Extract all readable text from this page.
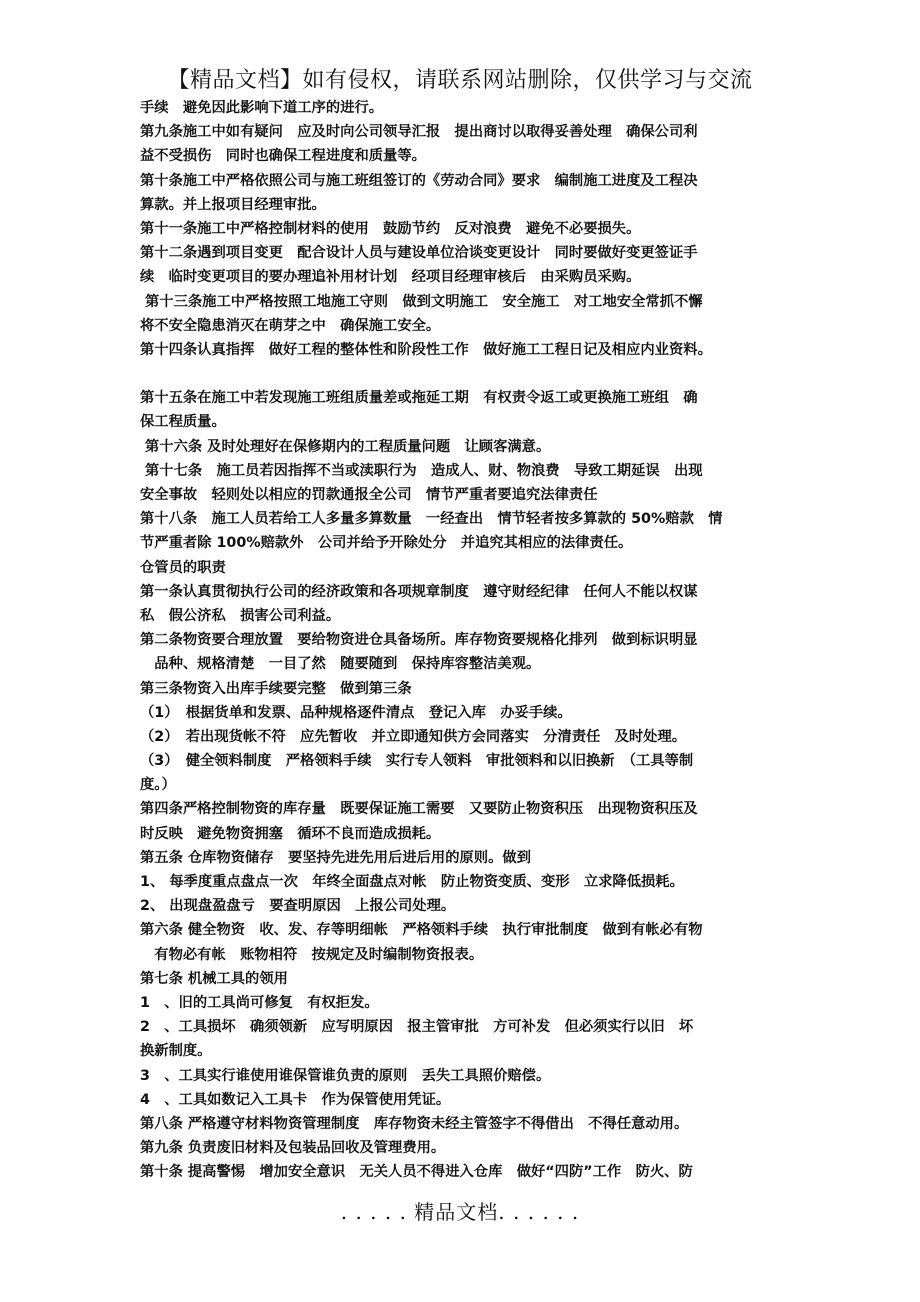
【精品文档】如有侵权，请联系网站删除，仅供学习与交流
手续　避免因此影响下道工序的进行。
第九条施工中如有疑问　应及时向公司领导汇报　提出商讨以取得妥善处理　确保公司利
益不受损伤　同时也确保工程进度和质量等。
第十条施工中严格依照公司与施工班组签订的《劳动合同》要求　编制施工进度及工程决
算款。并上报项目经理审批。
第十一条施工中严格控制材料的使用　鼓励节约　反对浪费　避免不必要损失。
第十二条遇到项目变更　配合设计人员与建设单位洽谈变更设计　同时要做好变更签证手
续　临时变更项目的要办理追补用材计划　经项目经理审核后　由采购员采购。
第十三条施工中严格按照工地施工守则　做到文明施工　安全施工　对工地安全常抓不懈
将不安全隐患消灭在萌芽之中　确保施工安全。
第十四条认真指挥　做好工程的整体性和阶段性工作　做好施工工程日记及相应内业资料。
第十五条在施工中若发现施工班组质量差或拖延工期　有权责令返工或更换施工班组　确
保工程质量。
第十六条 及时处理好在保修期内的工程质量问题　让顾客满意。
第十七条　施工员若因指挥不当或渎职行为　造成人、财、物浪费　导致工期延误　出现
安全事故　轻则处以相应的罚款通报全公司　情节严重者要追究法律责任
第十八条　施工人员若给工人多量多算数量　一经查出　情节轻者按多算款的 50%赔款　情
节严重者除 100%赔款外　公司并给予开除处分　并追究其相应的法律责任。
仓管员的职责
第一条认真贯彻执行公司的经济政策和各项规章制度　遵守财经纪律　任何人不能以权谋
私　假公济私　损害公司利益。
第二条物资要合理放置　要给物资进仓具备场所。库存物资要规格化排列　做到标识明显
　品种、规格清楚　一目了然　随要随到　保持库容整洁美观。
第三条物资入出库手续要完整　做到第三条
（1）　根据货单和发票、品种规格逐件清点　登记入库　办妥手续。
（2）　若出现货帐不符　应先暂收　并立即通知供方会同落实　分清责任　及时处理。
（3）　健全领料制度　严格领料手续　实行专人领料　审批领料和以旧换新　（工具等制
度。）
第四条严格控制物资的库存量　既要保证施工需要　又要防止物资积压　出现物资积压及
时反映　避免物资拥塞　循环不良而造成损耗。
第五条 仓库物资储存　要坚持先进先用后进后用的原则。做到
1、 每季度重点盘点一次　年终全面盘点对帐　防止物资变质、变形　立求降低损耗。
2、 出现盘盈盘亏　要查明原因　上报公司处理。
第六条 健全物资　收、发、存等明细帐　严格领料手续　执行审批制度　做到有帐必有物
　有物必有帐　账物相符　按规定及时编制物资报表。
第七条 机械工具的领用
1　、旧的工具尚可修复　有权拒发。
2　、工具损坏　确须领新　应写明原因　报主管审批　方可补发　但必须实行以旧　坏
换新制度。
3　、工具实行谁使用谁保管谁负责的原则　丢失工具照价赔偿。
4　、工具如数记入工具卡　作为保管使用凭证。
第八条 严格遵守材料物资管理制度　库存物资未经主管签字不得借出　不得任意动用。
第九条 负责废旧材料及包装品回收及管理费用。
第十条 提高警惕　增加安全意识　无关人员不得进入仓库　做好“四防”工作　防火、防
. . . . . 精品文档. . . . . .
